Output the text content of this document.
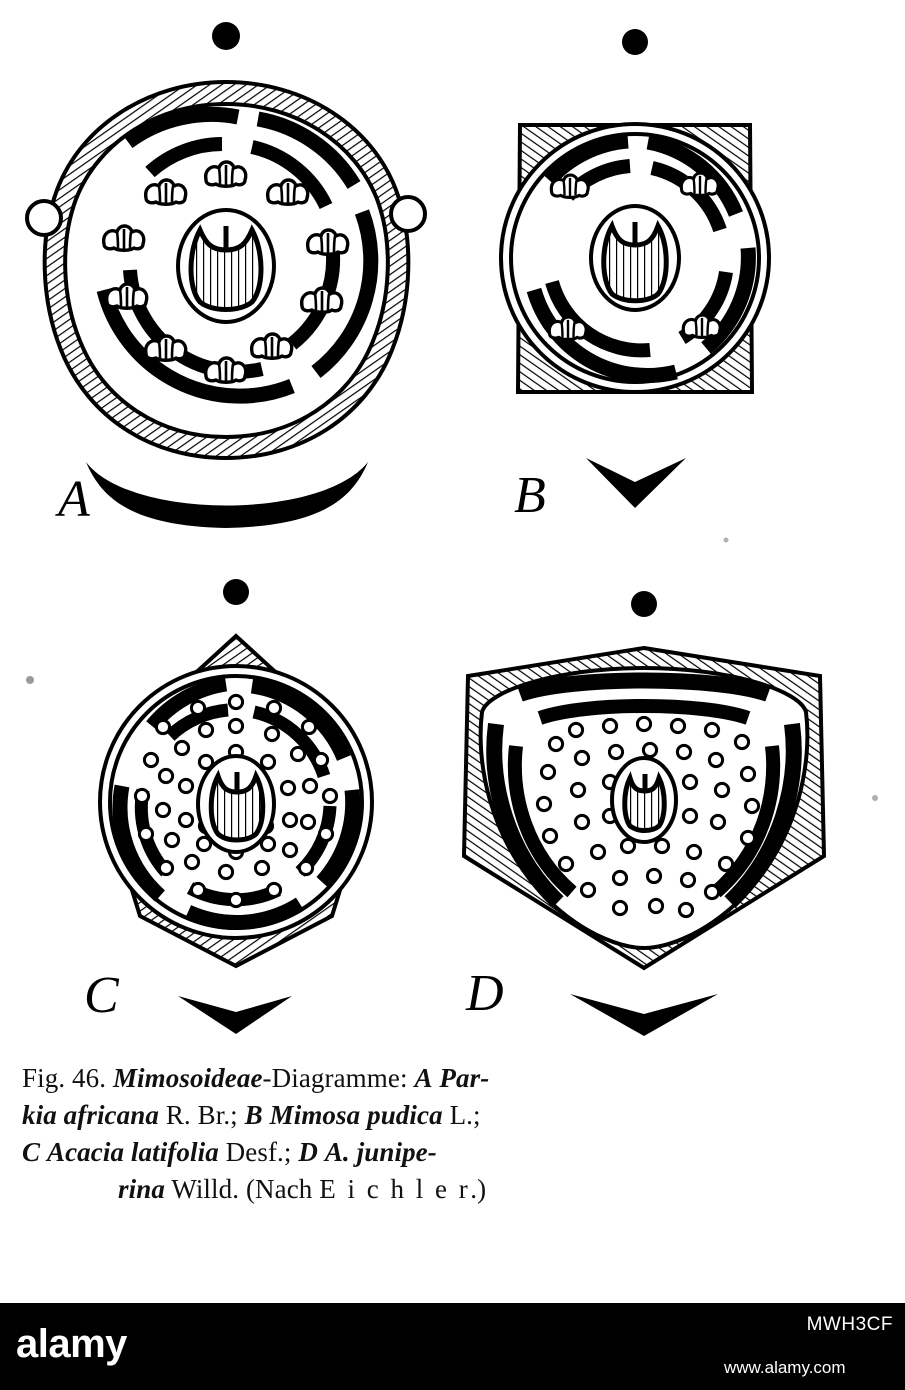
A	B
C	D
Fig. 46. Mimosoideae-Diagramme: A Par-
kia africana R. Br.; B Mimosa pudica L.;
C Acacia latifolia Desf.; D A. junipe-
rina Willd. (Nach E i c h l e r.)
alamy
www.alamy.com
MWH3CF
